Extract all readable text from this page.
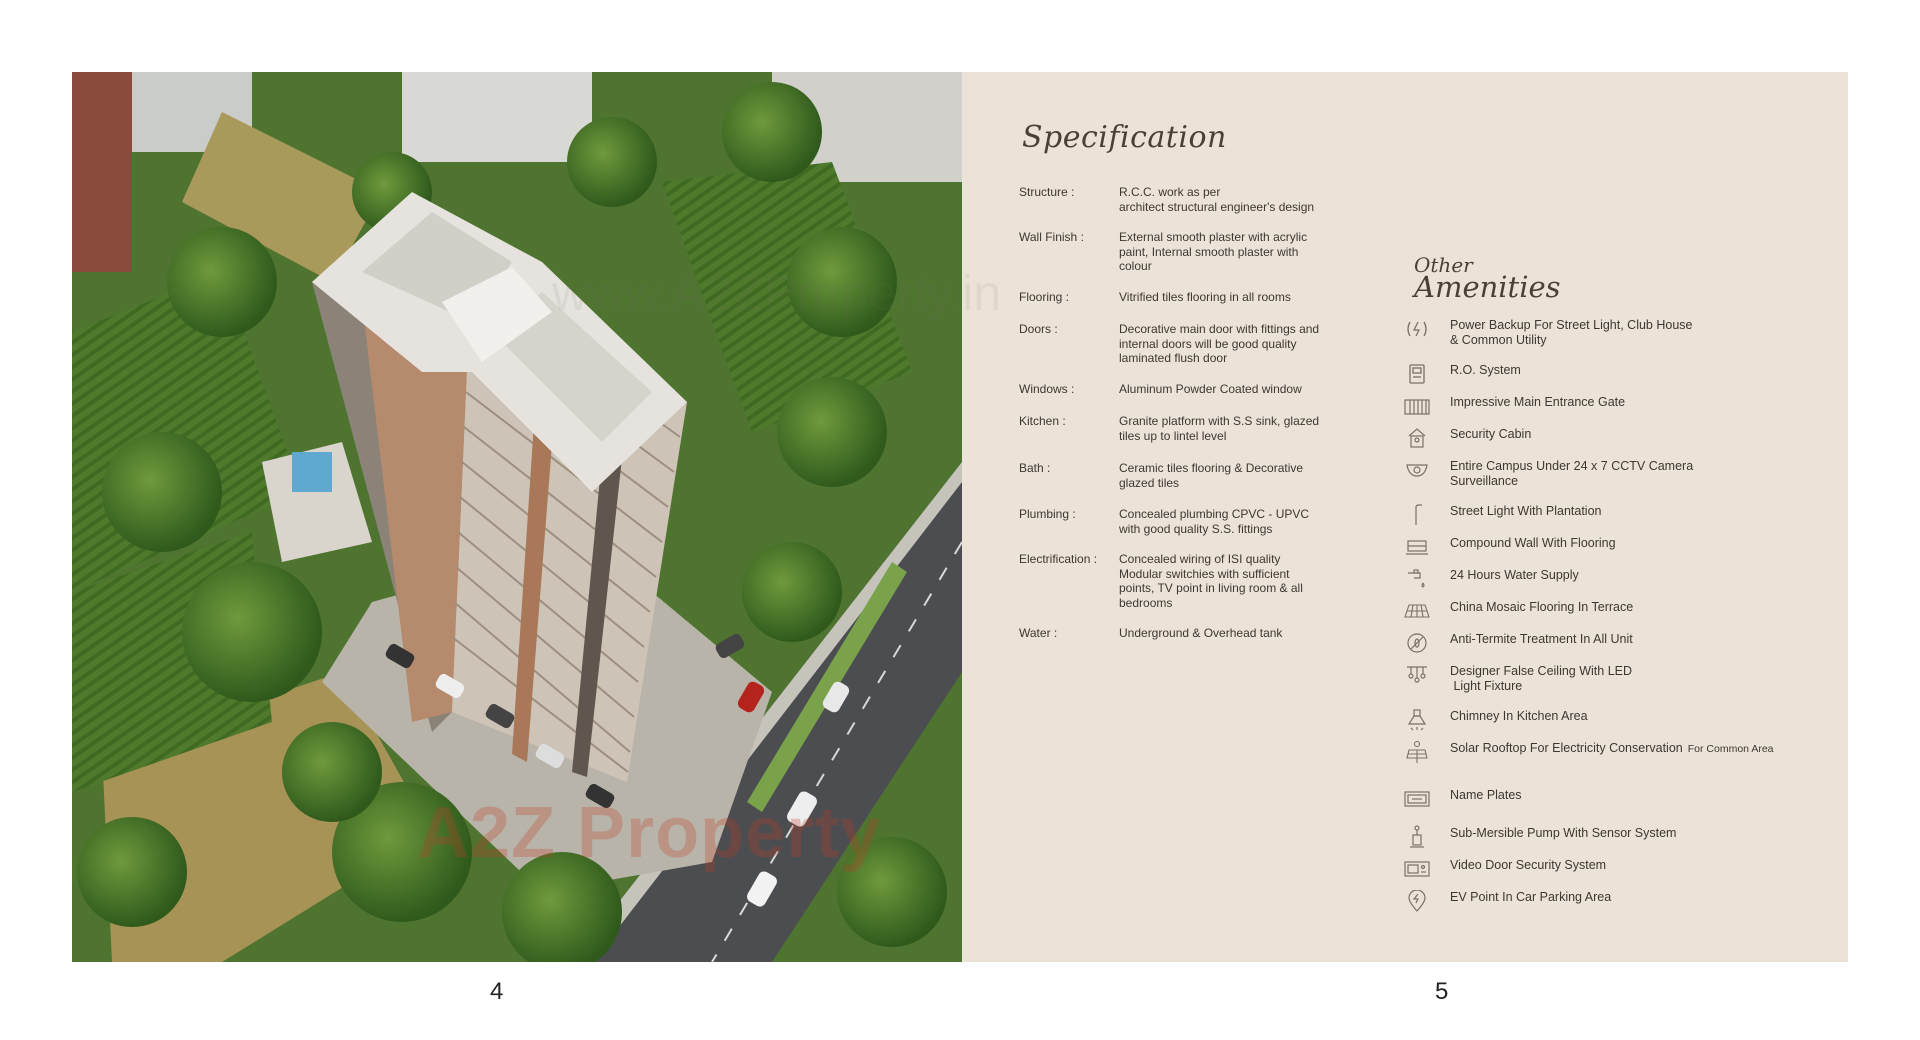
A2Z Property
Specification
Structure :	R.C.C. work as per
architect structural engineer's design
Wall Finish :	External smooth plaster with acrylic
paint, Internal smooth plaster with
colour
Flooring :	Vitrified tiles flooring in all rooms
Doors :	Decorative main door with fittings and
internal doors will be good quality
laminated flush door
Windows :	Aluminum Powder Coated window
Kitchen :	Granite platform with S.S sink, glazed
tiles up to lintel level
Bath :	Ceramic tiles flooring & Decorative
glazed tiles
Plumbing :	Concealed plumbing CPVC - UPVC
with good quality S.S. fittings
Electrification :	Concealed wiring of ISI quality
Modular switchies with sufficient
points, TV point in living room & all
bedrooms
Water :	Underground & Overhead tank
Other
Amenities
Power Backup For Street Light, Club House
& Common Utility
R.O. System
Impressive Main Entrance Gate
Security Cabin
Entire Campus Under 24 x 7 CCTV Camera
Surveillance
Street Light With Plantation
Compound Wall With Flooring
24 Hours Water Supply
China Mosaic Flooring In Terrace
Anti-Termite Treatment In All Unit
Designer False Ceiling With LED
Light Fixture
Chimney In Kitchen Area
Solar Rooftop For Electricity Conservation For Common Area
Name Plates
Sub-Mersible Pump With Sensor System
Video Door Security System
EV Point In Car Parking Area
4	5
